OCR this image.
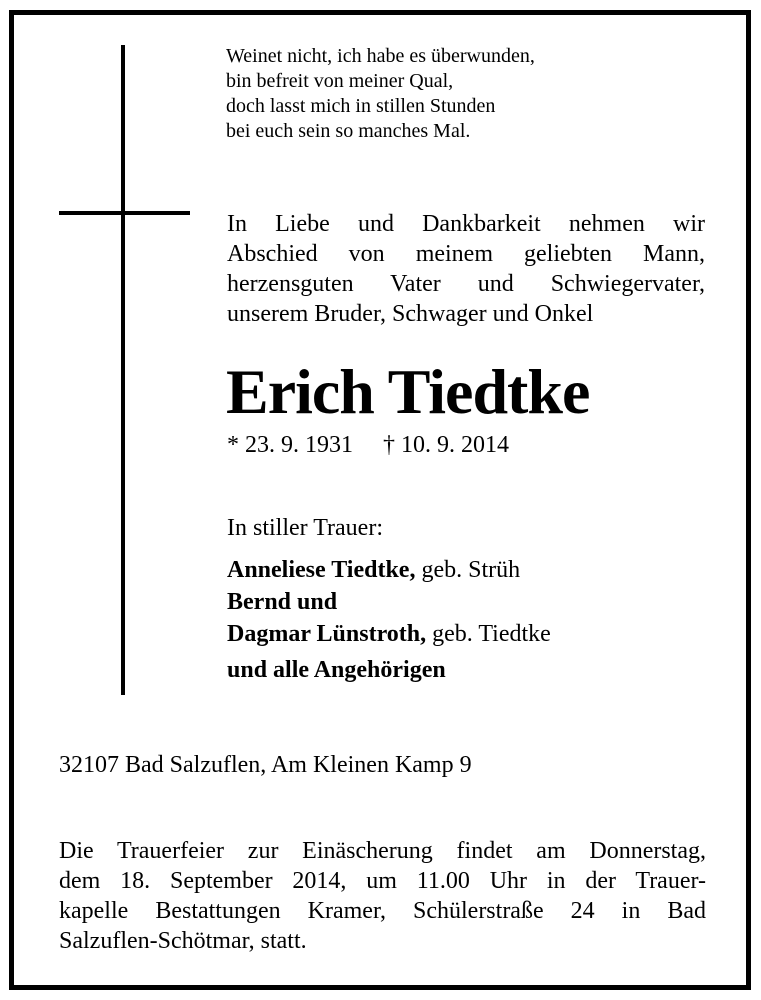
Weinet nicht, ich habe es überwunden,
bin befreit von meiner Qual,
doch lasst mich in stillen Stunden
bei euch sein so manches Mal.
In Liebe und Dankbarkeit nehmen wir
Abschied von meinem geliebten Mann,
herzensguten Vater und Schwiegervater,
unserem Bruder, Schwager und Onkel
Erich Tiedtke
* 23. 9. 1931 † 10. 9. 2014
In stiller Trauer:
Anneliese Tiedtke, geb. Strüh
Bernd und
Dagmar Lünstroth, geb. Tiedtke
und alle Angehörigen
32107 Bad Salzuflen, Am Kleinen Kamp 9
Die Trauerfeier zur Einäscherung findet am Donnerstag,
dem 18. September 2014, um 11.00 Uhr in der Trauer-
kapelle Bestattungen Kramer, Schülerstraße 24 in Bad
Salzuflen-Schötmar, statt.
